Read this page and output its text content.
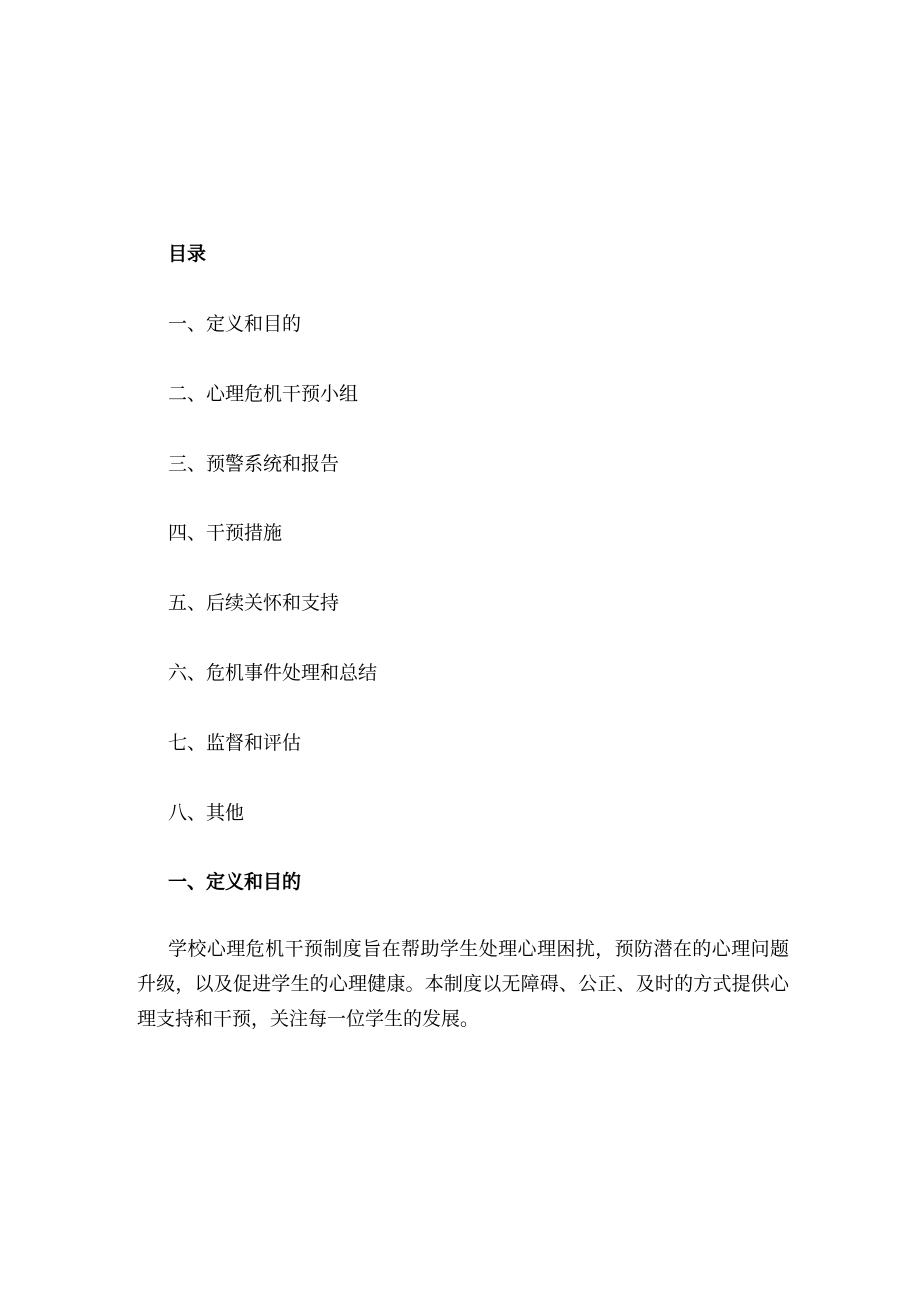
目录
一、定义和目的
二、心理危机干预小组
三、预警系统和报告
四、干预措施
五、后续关怀和支持
六、危机事件处理和总结
七、监督和评估
八、其他
一、定义和目的

学校心理危机干预制度旨在帮助学生处理心理困扰，预防潜在的心理问题升级，以及促进学生的心理健康。本制度以无障碍、公正、及时的方式提供心理支持和干预，关注每一位学生的发展。
